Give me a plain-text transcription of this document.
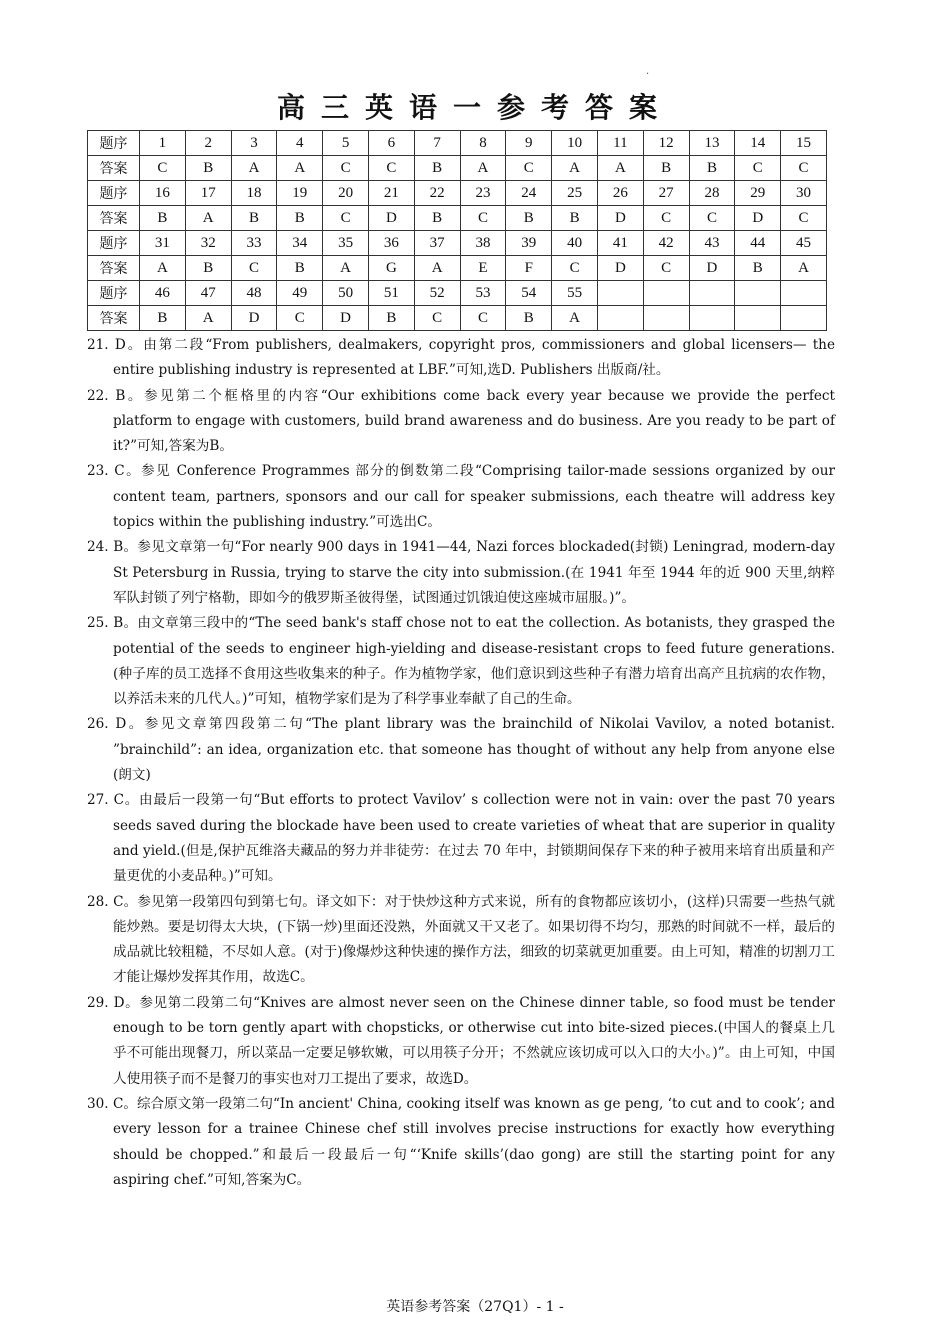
.
高三英语一参考答案
题序	1	2	3	4	5	6	7	8	9	10	11	12	13	14	15
答案	C	B	A	A	C	C	B	A	C	A	A	B	B	C	C
题序	16	17	18	19	20	21	22	23	24	25	26	27	28	29	30
答案	B	A	B	B	C	D	B	C	B	B	D	C	C	D	C
题序	31	32	33	34	35	36	37	38	39	40	41	42	43	44	45
答案	A	B	C	B	A	G	A	E	F	C	D	C	D	B	A
题序	46	47	48	49	50	51	52	53	54	55					
答案	B	A	D	C	D	B	C	C	B	A					

21. D。由第二段“From publishers, dealmakers, copyright pros, commissioners and global licensers— the entire publishing industry is represented at LBF.”可知,选D. Publishers 出版商/社。

22. B。参见第二个框格里的内容“Our exhibitions come back every year because we provide the perfect platform to engage with customers, build brand awareness and do business. Are you ready to be part of it?”可知,答案为B。

23. C。参见 Conference Programmes 部分的倒数第二段“Comprising tailor-made sessions organized by our content team, partners, sponsors and our call for speaker submissions, each theatre will address key topics within the publishing industry.”可选出C。

24. B。参见文章第一句“For nearly 900 days in 1941—44, Nazi forces blockaded(封锁) Leningrad, modern-day St Petersburg in Russia, trying to starve the city into submission.(在 1941 年至 1944 年的近 900 天里,纳粹军队封锁了列宁格勒，即如今的俄罗斯圣彼得堡，试图通过饥饿迫使这座城市屈服。)”。

25. B。由文章第三段中的“The seed bank's staff chose not to eat the collection. As botanists, they grasped the potential of the seeds to engineer high-yielding and disease-resistant crops to feed future generations.(种子库的员工选择不食用这些收集来的种子。作为植物学家，他们意识到这些种子有潜力培育出高产且抗病的农作物，以养活未来的几代人。)”可知，植物学家们是为了科学事业奉献了自己的生命。

26. D。参见文章第四段第二句“The plant library was the brainchild of Nikolai Vavilov, a noted botanist. ”brainchild”: an idea, organization etc. that someone has thought of without any help from anyone else (朗文)

27. C。由最后一段第一句“But efforts to protect Vavilov’ s collection were not in vain: over the past 70 years seeds saved during the blockade have been used to create varieties of wheat that are superior in quality and yield.(但是,保护瓦维洛夫藏品的努力并非徒劳：在过去 70 年中，封锁期间保存下来的种子被用来培育出质量和产量更优的小麦品种。)”可知。

28. C。参见第一段第四句到第七句。译文如下：对于快炒这种方式来说，所有的食物都应该切小，(这样)只需要一些热气就能炒熟。要是切得太大块，(下锅一炒)里面还没熟，外面就又干又老了。如果切得不均匀，那熟的时间就不一样，最后的成品就比较粗糙，不尽如人意。(对于)像爆炒这种快速的操作方法，细致的切菜就更加重要。由上可知，精准的切割刀工才能让爆炒发挥其作用，故选C。

29. D。参见第二段第二句“Knives are almost never seen on the Chinese dinner table, so food must be tender enough to be torn gently apart with chopsticks, or otherwise cut into bite-sized pieces.(中国人的餐桌上几乎不可能出现餐刀，所以菜品一定要足够软嫩，可以用筷子分开；不然就应该切成可以入口的大小。)”。由上可知，中国人使用筷子而不是餐刀的事实也对刀工提出了要求，故选D。

30. C。综合原文第一段第二句“In ancient' China, cooking itself was known as ge peng, ‘to cut and to cook’; and every lesson for a trainee Chinese chef still involves precise instructions for exactly how everything should be chopped.”和最后一段最后一句“‘Knife skills’(dao gong) are still the starting point for any aspiring chef.”可知,答案为C。

英语参考答案（27Q1）- 1 -
